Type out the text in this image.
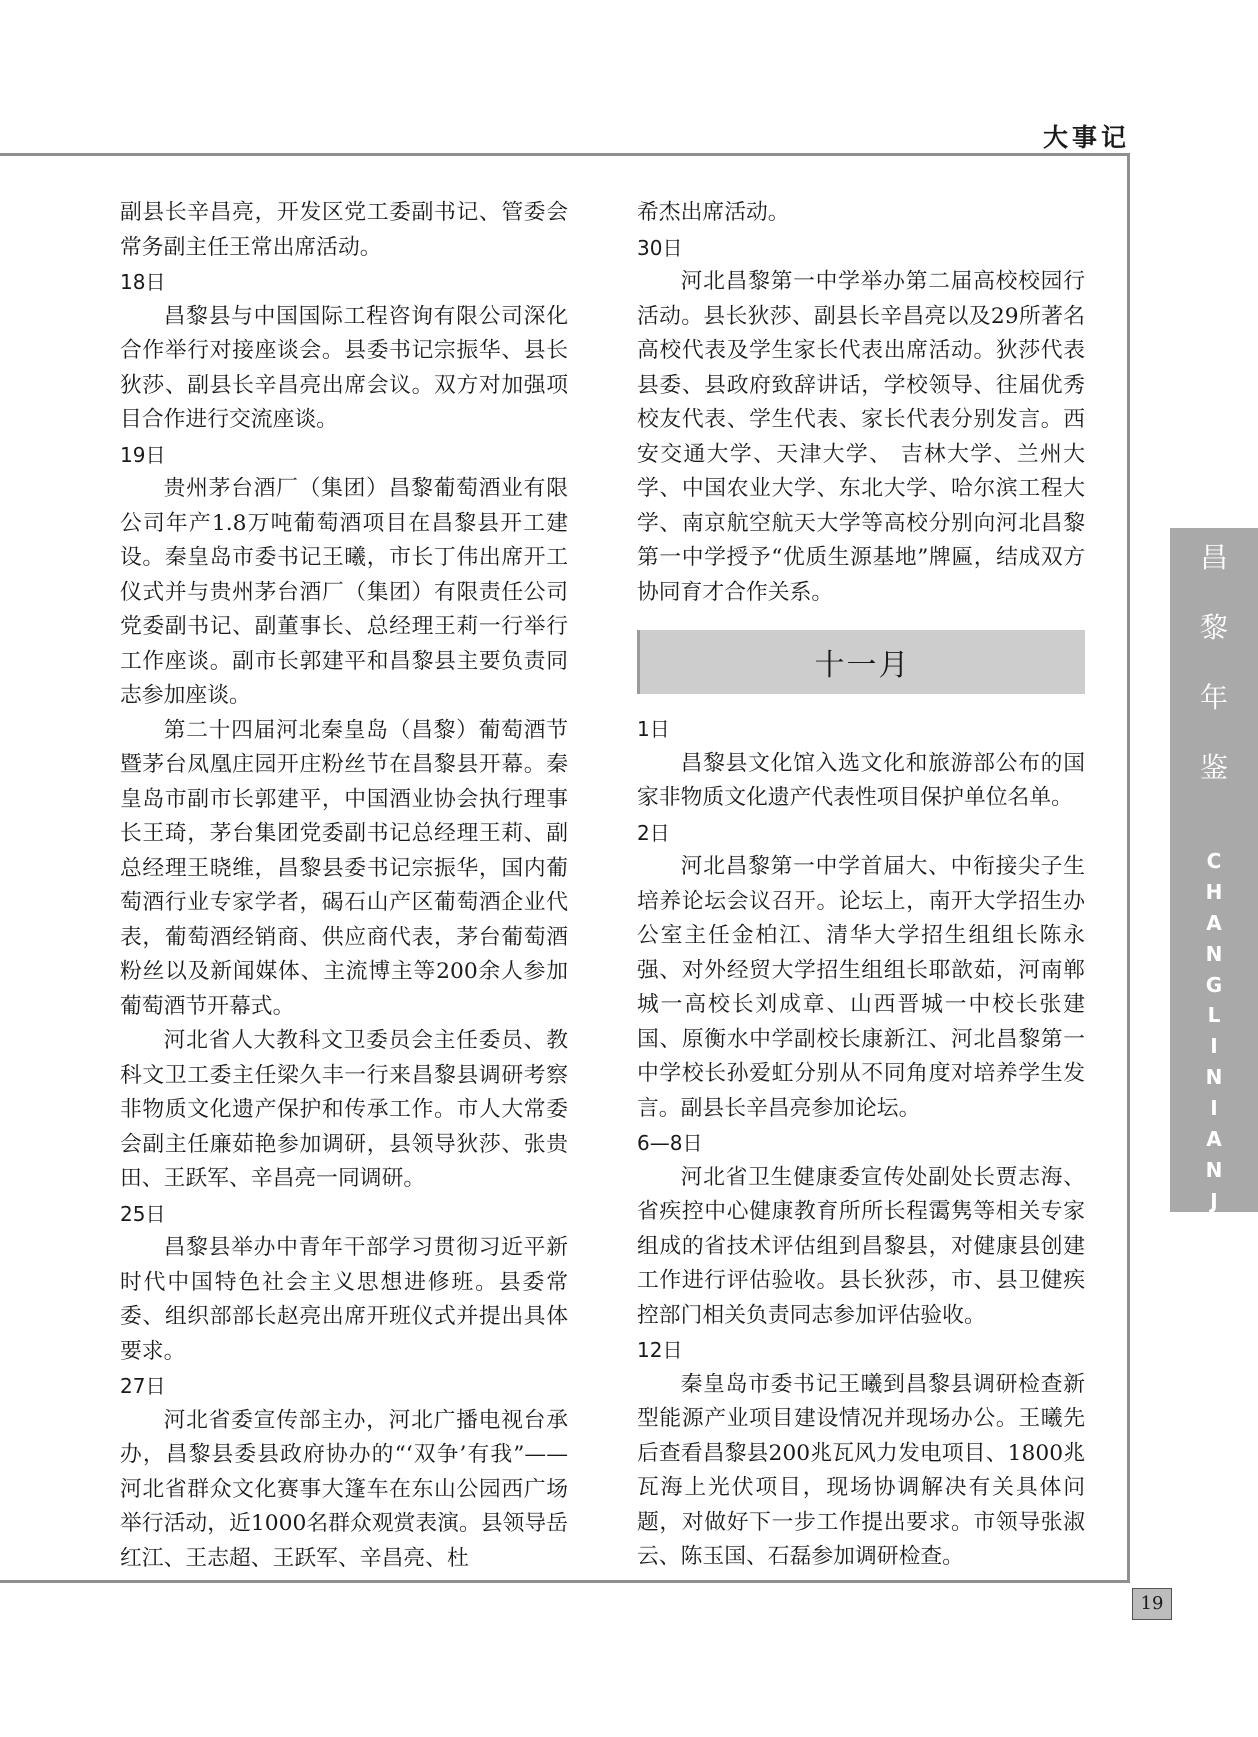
大事记
昌
黎
年
鉴
C
H
A
N
G
L
I
N
I
A
N
J
I
A
N
19

副县长辛昌亮，开发区党工委副书记、管委会常务副主任王常出席活动。

18日

昌黎县与中国国际工程咨询有限公司深化合作举行对接座谈会。县委书记宗振华、县长狄莎、副县长辛昌亮出席会议。双方对加强项目合作进行交流座谈。

19日

贵州茅台酒厂（集团）昌黎葡萄酒业有限公司年产1.8万吨葡萄酒项目在昌黎县开工建设。秦皇岛市委书记王曦，市长丁伟出席开工仪式并与贵州茅台酒厂（集团）有限责任公司党委副书记、副董事长、总经理王莉一行举行工作座谈。副市长郭建平和昌黎县主要负责同志参加座谈。

第二十四届河北秦皇岛（昌黎）葡萄酒节暨茅台凤凰庄园开庄粉丝节在昌黎县开幕。秦皇岛市副市长郭建平，中国酒业协会执行理事长王琦，茅台集团党委副书记总经理王莉、副总经理王晓维，昌黎县委书记宗振华，国内葡萄酒行业专家学者，碣石山产区葡萄酒企业代表，葡萄酒经销商、供应商代表，茅台葡萄酒粉丝以及新闻媒体、主流博主等200余人参加葡萄酒节开幕式。

河北省人大教科文卫委员会主任委员、教科文卫工委主任梁久丰一行来昌黎县调研考察非物质文化遗产保护和传承工作。市人大常委会副主任廉茹艳参加调研，县领导狄莎、张贵田、王跃军、辛昌亮一同调研。

25日

昌黎县举办中青年干部学习贯彻习近平新时代中国特色社会主义思想进修班。县委常委、组织部部长赵亮出席开班仪式并提出具体要求。

27日

河北省委宣传部主办，河北广播电视台承办，昌黎县委县政府协办的“‘双争’有我”——河北省群众文化赛事大篷车在东山公园西广场举行活动，近1000名群众观赏表演。县领导岳红江、王志超、王跃军、辛昌亮、杜

希杰出席活动。

30日

河北昌黎第一中学举办第二届高校校园行活动。县长狄莎、副县长辛昌亮以及29所著名高校代表及学生家长代表出席活动。狄莎代表县委、县政府致辞讲话，学校领导、往届优秀校友代表、学生代表、家长代表分别发言。西安交通大学、天津大学、 吉林大学、兰州大学、中国农业大学、东北大学、哈尔滨工程大学、南京航空航天大学等高校分别向河北昌黎第一中学授予“优质生源基地”牌匾，结成双方协同育才合作关系。

十一月

1日

昌黎县文化馆入选文化和旅游部公布的国家非物质文化遗产代表性项目保护单位名单。

2日

河北昌黎第一中学首届大、中衔接尖子生培养论坛会议召开。论坛上，南开大学招生办公室主任金柏江、清华大学招生组组长陈永强、对外经贸大学招生组组长耶歆茹，河南郸城一高校长刘成章、山西晋城一中校长张建国、原衡水中学副校长康新江、河北昌黎第一中学校长孙爱虹分别从不同角度对培养学生发言。副县长辛昌亮参加论坛。

6—8日

河北省卫生健康委宣传处副处长贾志海、省疾控中心健康教育所所长程霭隽等相关专家组成的省技术评估组到昌黎县，对健康县创建工作进行评估验收。县长狄莎，市、县卫健疾控部门相关负责同志参加评估验收。

12日

秦皇岛市委书记王曦到昌黎县调研检查新型能源产业项目建设情况并现场办公。王曦先后查看昌黎县200兆瓦风力发电项目、1800兆瓦海上光伏项目，现场协调解决有关具体问题，对做好下一步工作提出要求。市领导张淑云、陈玉国、石磊参加调研检查。
